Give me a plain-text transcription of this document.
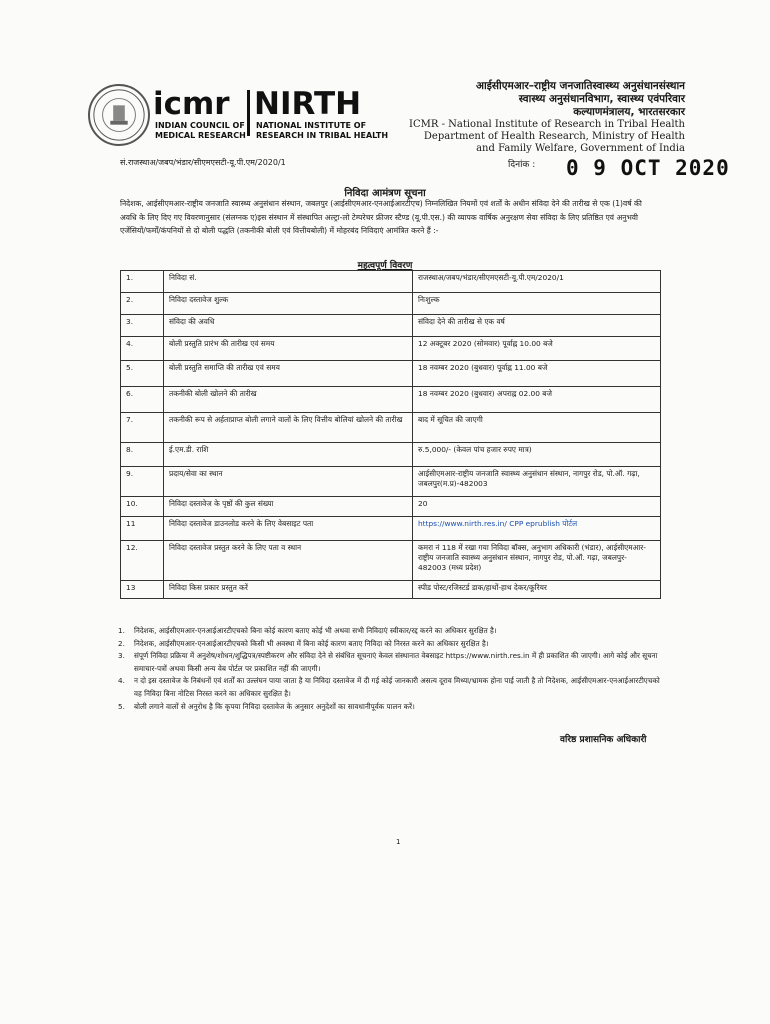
icmr
INDIAN COUNCIL OF
MEDICAL RESEARCH
NIRTH
NATIONAL INSTITUTE OF
RESEARCH IN TRIBAL HEALTH
आईसीएमआर–राष्ट्रीय जनजातिस्वास्थ्य अनुसंधानसंस्थान
स्वास्थ्य अनुसंधानविभाग, स्वास्थ्य एवंपरिवार
कल्याणमंत्रालय, भारतसरकार
ICMR - National Institute of Research in Tribal Health
Department of Health Research, Ministry of Health
and Family Welfare, Government of India
सं.राजस्थाअ/जबप/भंडार/सीएमएसटी-यू.पी.एम/2020/1	दिनांक : 0 9 OCT 2020
निविदा आमंत्रण सूचना
निदेशक, आईसीएमआर-राष्ट्रीय जनजाति स्वास्थ्य अनुसंधान संस्थान, जबलपुर (आईसीएमआर-एनआईआरटीएच) निम्नलिखित नियमों एवं शर्तों के अधीन संविदा देने की तारीख से एक (1)वर्ष की अवधि के लिए दिए गए विवरणानुसार (संलग्नक ए)इस संस्थान में संस्थापित अल्ट्रा-लो टेम्परेचर फ्रीजर स्टैण्ड (यू.पी.एस.) की व्यापक वार्षिक अनुरक्षण सेवा संविदा के लिए प्रतिष्ठित एवं अनुभवी एजेंसियों/फर्मों/कंपनियों से दो बोली पद्धति (तकनीकी बोली एवं वित्तीयबोली) में मोहरबंद निविदाएं आमंत्रित करने हैं :-
महत्वपूर्ण विवरण
1.	निविदा सं.	राजस्थाअ/जबप/भंडार/सीएमएसटी-यू.पी.एम/2020/1
2.	निविदा दस्तावेज शुल्क	निःशुल्क
3.	संविदा की अवधि	संविदा देने की तारीख से एक वर्ष
4.	बोली प्रस्तुति प्रारंभ की तारीख एवं समय	12 अक्टूबर 2020 (सोमवार) पूर्वाह्न 10.00 बजे
5.	बोली प्रस्तुति समाप्ति की तारीख एवं समय	18 नवम्बर 2020 (बुधवार) पूर्वाह्न 11.00 बजे
6.	तकनीकी बोली खोलने की तारीख	18 नवम्बर 2020 (बुधवार) अपराह्न 02.00 बजे
7.	तकनीकी रूप से अर्हताप्राप्त बोली लगाने वालों के लिए वित्तीय बोलियां खोलने की तारीख	बाद में सूचित की जाएगी
8.	ई.एम.डी. राशि	रु.5,000/- (केवल पांच हजार रुपए मात्र)
9.	प्रदाय/सेवा का स्थान	आईसीएमआर-राष्ट्रीय जनजाति स्वास्थ्य अनुसंधान संस्थान, नागपुर रोड, पो.ऑ. गढ़ा, जबलपुर(म.प्र)-482003
10.	निविदा दस्तावेज के पृष्ठों की कुल संख्या	20
11	निविदा दस्तावेज डाउनलोड करने के लिए वेबसाइट पता	https://www.nirth.res.in/ CPP eprublish पोर्टल
12.	निविदा दस्तावेज प्रस्तुत करने के लिए पता व स्थान	कमरा नं 118 में रखा गया निविदा बॉक्स, अनुभाग अधिकारी (भंडार), आईसीएमआर-राष्ट्रीय जनजाति स्वास्थ्य अनुसंधान संस्थान, नागपुर रोड, पो.ऑ. गढ़ा, जबलपुर- 482003 (मध्य प्रदेश)
13	निविदा किस प्रकार प्रस्तुत करें	स्पीड पोस्ट/रजिस्टर्ड डाक/हाथों-हाथ देकर/कूरियर
1.	निदेशक, आईसीएमआर-एनआईआरटीएचको बिना कोई कारण बताए कोई भी अथवा सभी निविदाएं स्वीकार/रद्द करने का अधिकार सुरक्षित है।
2.	निदेशक, आईसीएमआर-एनआईआरटीएचको किसी भी अवस्था में बिना कोई कारण बताए निविदा को निरस्त करने का अधिकार सुरक्षित है।
3.	संपूर्ण निविदा प्रक्रिया में अनुशेष/शोधन/शुद्धिपत्र/स्पष्टीकरण और संविदा देने से संबंधित सूचनाएं केवल संस्थानात वेबसाइट https://www.nirth.res.in में ही प्रकाशित की जाएगी। आगे कोई और सूचना समाचार-पत्रों अथवा किसी अन्य वेब पोर्टल पर प्रकाशित नहीं की जाएगी।
4.	न दो इस दस्तावेज के निबंधनों एवं शर्तों का उल्लंघन पाया जाता है या निविदा दस्तावेज में दी गई कोई जानकारी असत्य दूराव मिथ्या/भ्रामक होना पाई जाती है तो निदेशक, आईसीएमआर-एनआईआरटीएचको वह निविदा बिना नोटिस निरस्त करने का अधिकार सुरक्षित है।
5.	बोली लगाने वालों से अनुरोध है कि कृपया निविदा दस्तावेज के अनुसार अनुदेशों का सावधानीपूर्वक पालन करें।
वरिष्ठ प्रशासनिक अधिकारी
1
